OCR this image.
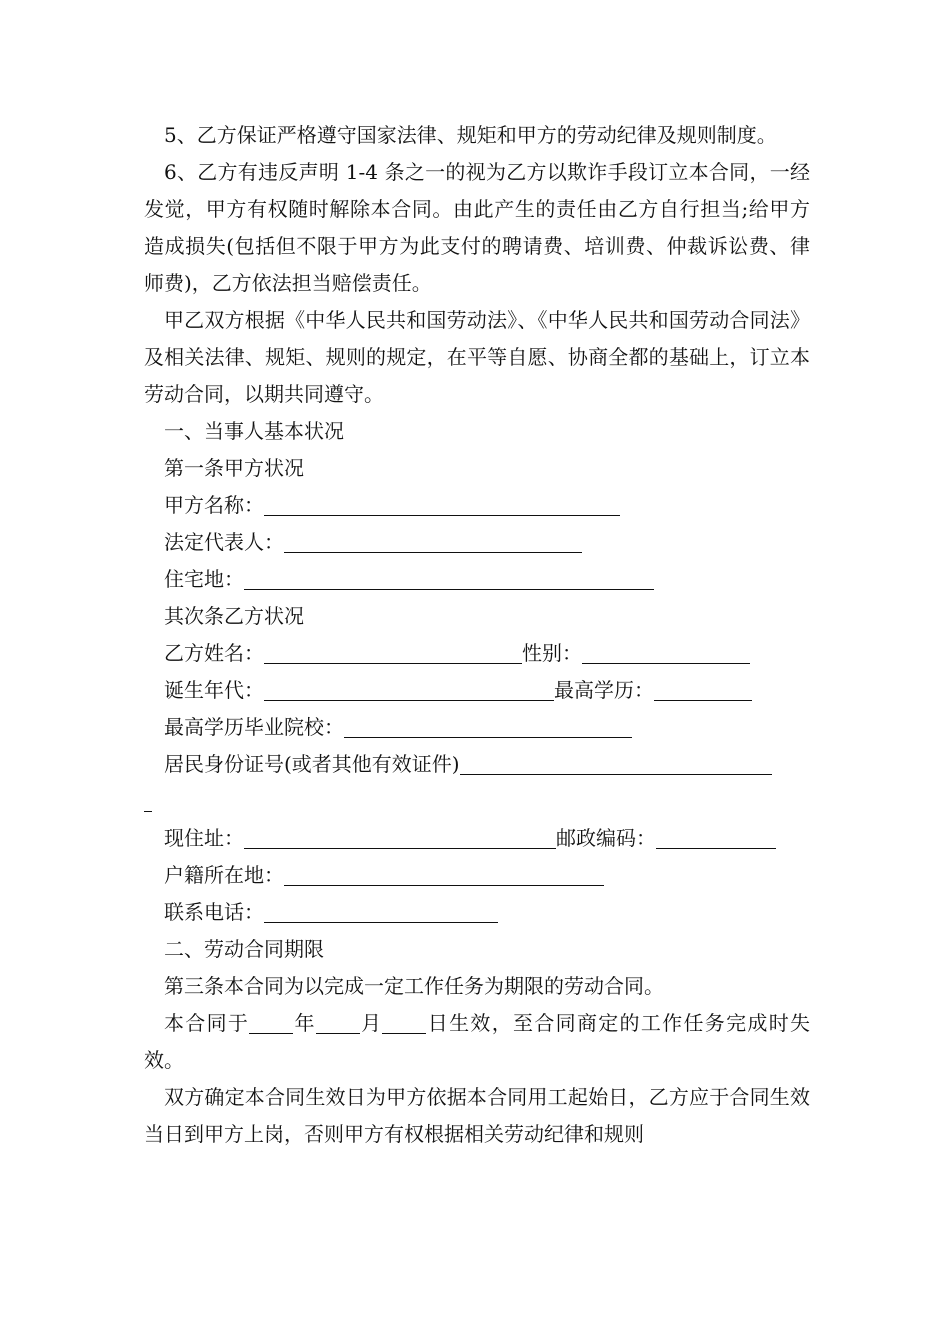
5、乙方保证严格遵守国家法律、规矩和甲方的劳动纪律及规则制度。

6、乙方有违反声明 1-4 条之一的视为乙方以欺诈手段订立本合同，一经发觉，甲方有权随时解除本合同。由此产生的责任由乙方自行担当;给甲方造成损失(包括但不限于甲方为此支付的聘请费、培训费、仲裁诉讼费、律师费)，乙方依法担当赔偿责任。

甲乙双方根据《中华人民共和国劳动法》、《中华人民共和国劳动合同法》及相关法律、规矩、规则的规定，在平等自愿、协商全都的基础上，订立本劳动合同，以期共同遵守。

一、当事人基本状况

第一条甲方状况

甲方名称：

法定代表人：

住宅地：

其次条乙方状况

乙方姓名：	性别：

诞生年代：	最高学历：

最高学历毕业院校：

居民身份证号(或者其他有效证件)

现住址：	邮政编码：

户籍所在地：

联系电话：

二、劳动合同期限

第三条本合同为以完成一定工作任务为期限的劳动合同。

本合同于 年 月 日生效，至合同商定的工作任务完成时失效。

双方确定本合同生效日为甲方依据本合同用工起始日，乙方应于合同生效当日到甲方上岗，否则甲方有权根据相关劳动纪律和规则
